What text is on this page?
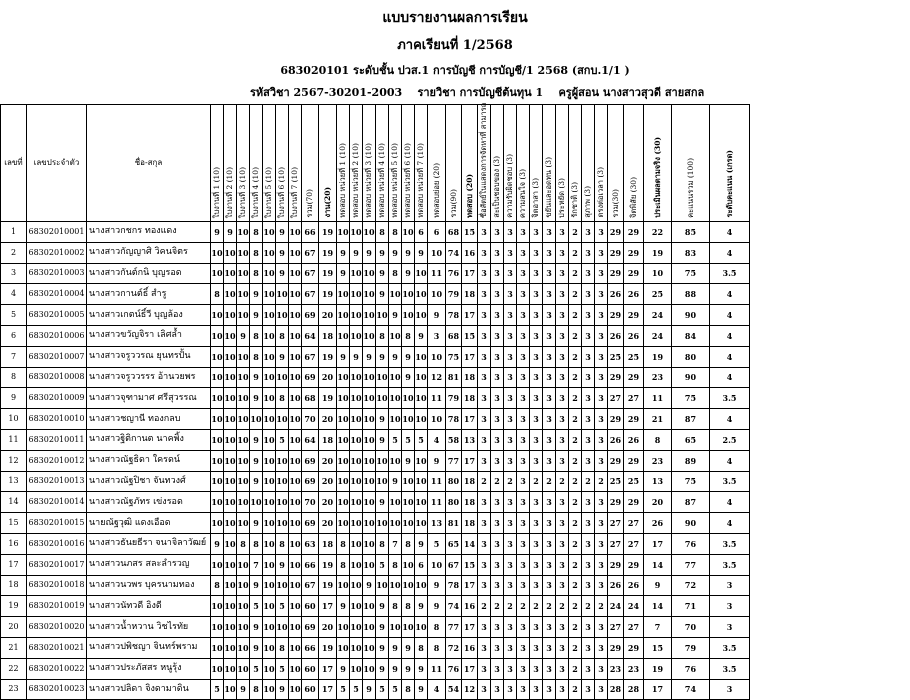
แบบรายงานผลการเรียน
ภาคเรียนที่ 1/2568
683020101 ระดับชั้น ปวส.1 การบัญชี การบัญชี/1 2568 (สกบ.1/1 )
รหัสวิชา 2567-30201-2003    รายวิชา การบัญชีต้นทุน 1    ครูผู้สอน นางสาวสุวดี สายสกล
เลขที่	เลขประจำตัว	ชื่อ-สกุล	ใบงานที่ 1 (10)	ใบงานที่ 2 (10)	ใบงานที่ 3 (10)	ใบงานที่ 4 (10)	ใบงานที่ 5 (10)	ใบงานที่ 6 (10)	ใบงานที่ 7 (10)	รวม(70)	งาน(20)	ทดสอบ หน่วยที่ 1 (10)	ทดสอบ หน่วยที่ 2 (10)	ทดสอบ หน่วยที่ 3 (10)	ทดสอบ หน่วยที่ 4 (10)	ทดสอบ หน่วยที่ 5 (10)	ทดสอบ หน่วยที่ 6 (10)	ทดสอบ หน่วยที่ 7 (10)	ทดสอบย่อย (20)	รวม(90)	ทดสอบ (20)	ซื่อสัตย์ในแสดงการจัดหาที่ สามารถ	สะเป็นชอบของ (3)	ความรับผิดชอบ (3)	ความสนใจ (3)	จิตอาสา (3)	ขยันและอดทน (3)	ประหยัด (3)	รักชาติ (3)	สุภาพ (3)	ตรงต่อเวลา (3)	รวม(30)	จิตพิสัย (30)	ประเมินผลตามจริง (30)	คะแนนรวม (100)	ระดับคะแนน (เกรด)

1	68302010001	นางสาวกชกร ทองแดง	9	9	10	8	10	9	10	66	19	10	10	10	8	8	10	6	6	68	15	3	3	3	3	3	3	3	2	3	3	29	29	22	85	4
2	68302010002	นางสาวกัญญาศิ วิคนจิตร	10	10	10	8	10	9	10	67	19	9	9	9	9	9	9	9	10	74	16	3	3	3	3	3	3	3	2	3	3	29	29	19	83	4
3	68302010003	นางสาวกันต์กนิ บุญรอด	10	10	10	8	10	9	10	67	19	9	10	10	9	8	9	10	11	76	17	3	3	3	3	3	3	3	2	3	3	29	29	10	75	3.5
4	68302010004	นางสาวกานต์ธิ์ สำรู	8	10	10	9	10	10	10	67	19	10	10	10	9	10	10	10	10	79	18	3	3	3	3	3	3	3	2	3	3	26	26	25	88	4
5	68302010005	นางสาวเกตน์ธิ์วี บุญล้อง	10	10	10	9	10	10	10	69	20	10	10	10	10	9	10	10	9	78	17	3	3	3	3	3	3	3	2	3	3	29	29	24	90	4
6	68302010006	นางสาวขวัญจิรา เลิศล้ำ	10	10	9	8	10	8	10	64	18	10	10	10	8	10	8	9	3	68	15	3	3	3	3	3	3	3	2	3	3	26	26	24	84	4
7	68302010007	นางสาวจรูววรณ ยุนทรปั้น	10	10	10	8	10	9	10	67	19	9	9	9	9	9	9	10	10	75	17	3	3	3	3	3	3	3	2	3	3	25	25	19	80	4
8	68302010008	นางสาวจรูววรรร อ้านวยพร	10	10	10	9	10	10	10	69	20	10	10	10	10	10	9	10	12	81	18	3	3	3	3	3	3	3	2	3	3	29	29	23	90	4
9	68302010009	นางสาวจุฑามาศ ศรีสุวรรณ	10	10	10	9	10	8	10	68	19	10	10	10	10	10	10	10	11	79	18	3	3	3	3	3	3	3	2	3	3	27	27	11	75	3.5
10	68302010010	นางสาวชญานี ทองกลบ	10	10	10	10	10	10	10	70	20	10	10	10	9	10	10	10	10	78	17	3	3	3	3	3	3	3	2	3	3	29	29	21	87	4
11	68302010011	นางสาวฐิติกานต นาคพิ้ง	10	10	10	9	10	5	10	64	18	10	10	10	9	5	5	5	4	58	13	3	3	3	3	3	3	3	2	3	3	26	26	8	65	2.5
12	68302010012	นางสาวณัฐธิดา ใครดน์	10	10	10	9	10	10	10	69	20	10	10	10	10	10	9	10	9	77	17	3	3	3	3	3	3	3	2	3	3	29	29	23	89	4
13	68302010013	นางสาวณัฐปิชา จันทวงศ์	10	10	10	9	10	10	10	69	20	10	10	10	10	9	10	10	11	80	18	2	2	2	3	2	2	2	2	2	2	25	25	13	75	3.5
14	68302010014	นางสาวณัฐภัทร เข่งรอด	10	10	10	10	10	10	10	70	20	10	10	10	9	10	10	10	11	80	18	3	3	3	3	3	3	3	2	3	3	29	29	20	87	4
15	68302010015	นายณัฐวุฒิ แดงเอือด	10	10	10	9	10	10	10	69	20	10	10	10	10	10	10	10	13	81	18	3	3	3	3	3	3	3	2	3	3	27	27	26	90	4
16	68302010016	นางสาวธันยธีรา จนาจิลาวัฒย์	9	10	8	8	10	8	10	63	18	8	10	10	8	7	8	9	5	65	14	3	3	3	3	3	3	3	2	3	3	27	27	17	76	3.5
17	68302010017	นางสาวนภสร สละลำรวญ	10	10	10	7	10	9	10	66	19	8	10	10	5	8	10	6	10	67	15	3	3	3	3	3	3	3	2	3	3	29	29	14	77	3.5
18	68302010018	นางสาวนวพร บุครนามทอง	8	10	10	9	10	10	10	67	19	10	10	9	10	10	10	10	9	78	17	3	3	3	3	3	3	3	2	3	3	26	26	9	72	3
19	68302010019	นางสาวนัทวดี อิงดี	10	10	10	5	10	5	10	60	17	9	10	10	9	8	8	9	9	74	16	2	2	2	2	2	2	2	2	2	2	24	24	14	71	3
20	68302010020	นางสาวน้ำหวาน วิชไรทัย	10	10	10	9	10	10	10	69	20	10	10	10	9	10	10	10	8	77	17	3	3	3	3	3	3	3	2	3	3	27	27	7	70	3
21	68302010021	นางสาวปพิชญา จินทร์พราม	10	10	10	9	10	8	10	66	19	10	10	10	9	9	9	8	8	72	16	3	3	3	3	3	3	3	2	3	3	29	29	15	79	3.5
22	68302010022	นางสาวประภัสสร หนูรุ้ง	10	10	10	5	10	5	10	60	17	9	10	10	9	9	9	9	11	76	17	3	3	3	3	3	3	3	2	3	3	23	23	19	76	3.5
23	68302010023	นางสาวปลิดา จิงดามาดิน	5	10	9	8	10	9	10	60	17	5	5	9	5	5	8	9	4	54	12	3	3	3	3	3	3	3	2	3	3	28	28	17	74	3
